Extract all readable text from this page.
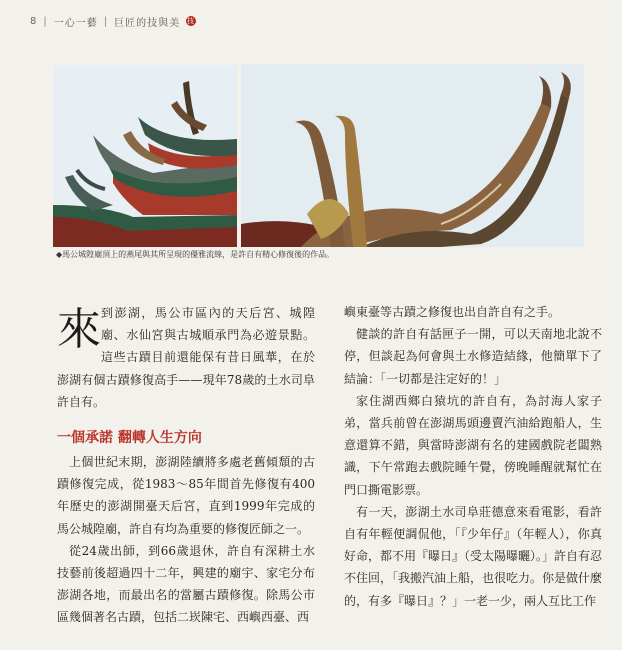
8 | 一心一藝 | 巨匠的技與美 技
◆馬公城隍廟頂上的燕尾與其所呈現的優雅流線，是許自有精心修復後的作品。
來 到澎湖，馬公市區內的天后宮、城隍廟、水仙宮與古城順承門為必遊景點。這些古蹟目前還能保有昔日風華，在於澎湖有個古蹟修復高手——現年78歲的土水司阜許自有。

一個承諾 翻轉人生方向

上個世紀末期，澎湖陸續將多處老舊傾頹的古蹟修復完成，從1983～85年間首先修復有400年歷史的澎湖開臺天后宮，直到1999年完成的馬公城隍廟，許自有均為重要的修復匠師之一。

從24歲出師，到66歲退休，許自有深耕土水技藝前後超過四十二年，興建的廟宇、家宅分布澎湖各地，而最出名的當屬古蹟修復。除馬公市區幾個著名古蹟，包括二崁陳宅、西嶼西臺、西

嶼東臺等古蹟之修復也出自許自有之手。

健談的許自有話匣子一開，可以天南地北說不停，但談起為何會與土水修造結緣，他簡單下了結論：「一切都是注定好的！」

家住湖西鄉白猿坑的許自有，為討海人家子弟，當兵前曾在澎湖馬頭邊賣汽油給跑船人，生意還算不錯，與當時澎湖有名的建國戲院老闆熟識，下午常跑去戲院睡午覺，傍晚睡醒就幫忙在門口撕電影票。

有一天，澎湖土水司阜莊德意來看電影，看許自有年輕便調侃他，「『少年仔』（年輕人），你真好命，都不用『曝日』（受太陽曝曬）。」許自有忍不住回，「我搬汽油上船，也很吃力。你是做什麼的，有多『曝日』？」一老一少，兩人互比工作
